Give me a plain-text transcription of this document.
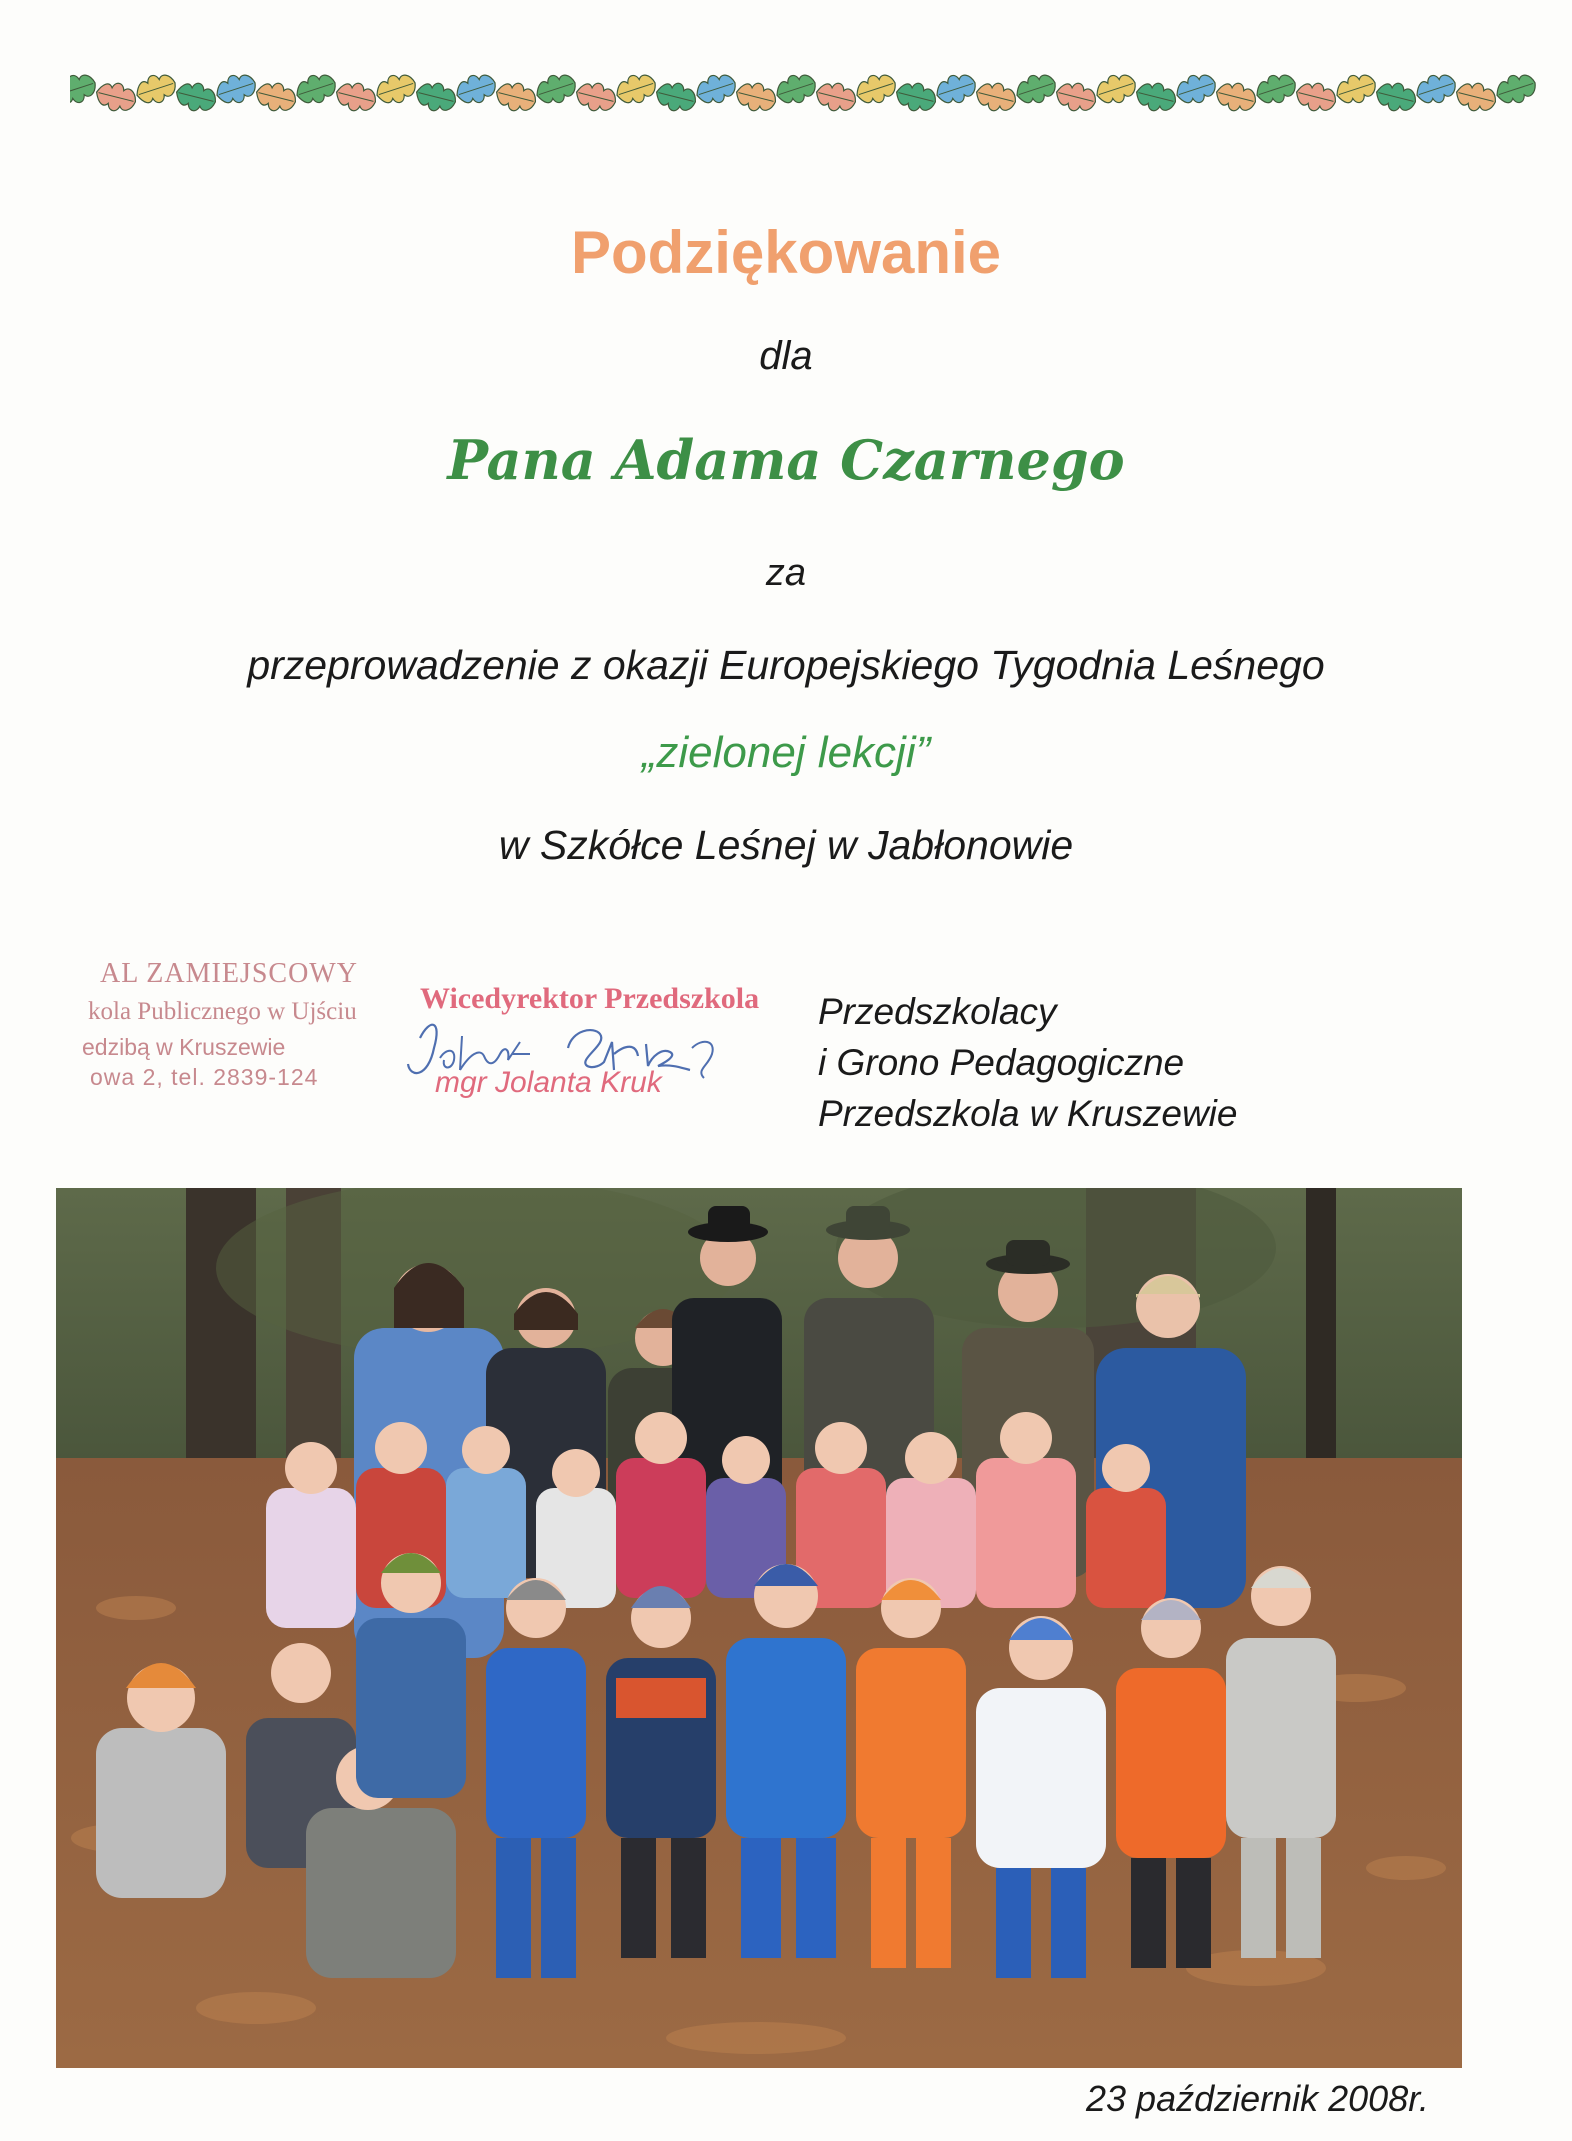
Podziękowanie
dla
Pana Adama Czarnego
za
przeprowadzenie z okazji Europejskiego Tygodnia Leśnego
„zielonej lekcji”
w Szkółce Leśnej w Jabłonowie
AL ZAMIEJSCOWY
kola Publicznego w Ujściu
edzibą w Kruszewie
owa 2, tel. 2839-124
Wicedyrektor Przedszkola
mgr Jolanta Kruk
Przedszkolacy
i Grono Pedagogiczne
Przedszkola w Kruszewie
23 październik 2008r.
